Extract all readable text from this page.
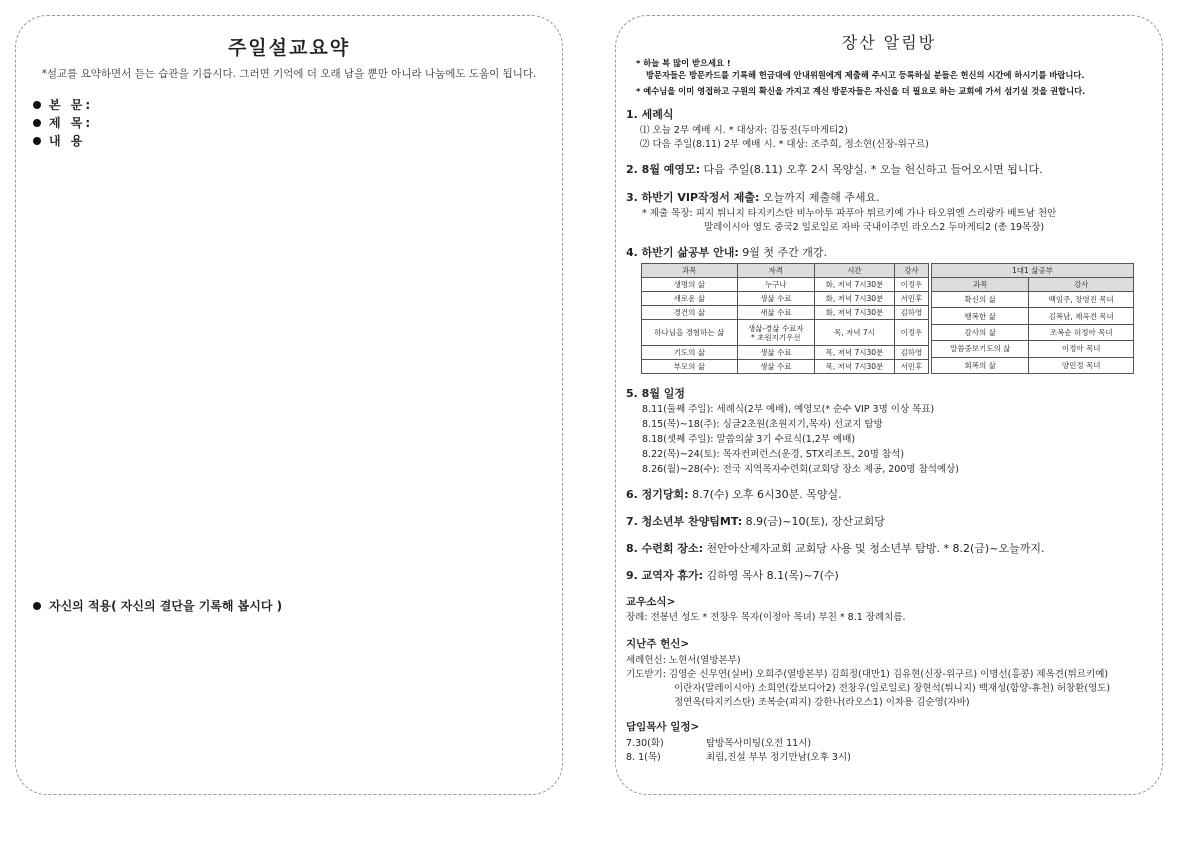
주일설교요약
*설교를 요약하면서 듣는 습관을 기릅시다. 그러면 기억에 더 오래 남을 뿐만 아니라 나눔에도 도움이 됩니다.
본 문:
제 목:
내 용
자신의 적용( 자신의 결단을 기록해 봅시다 )
장산 알림방
* 하늘 복 많이 받으세요 !
방문자들은 방문카드를 기록해 헌금대에 안내위원에게 제출해 주시고 등록하실 분들은 헌신의 시간에 하시기를 바랍니다.
* 예수님을 이미 영접하고 구원의 확신을 가지고 계신 방문자들은 자신을 더 필요로 하는 교회에 가서 섬기실 것을 권합니다.
1. 세례식
⑴ 오늘 2부 예배 시. * 대상자: 김동진(두마게티2)
⑵ 다음 주일(8.11) 2부 예배 시. * 대상: 조주희, 정소현(신장-위구르)
2. 8월 예영모: 다음 주일(8.11) 오후 2시 목양실. * 오늘 헌신하고 들어오시면 됩니다.
3. 하반기 VIP작정서 제출: 오늘까지 제출해 주세요.
* 제출 목장: 피지 튀니지 타지키스탄 비누아투 파푸아 튀르키예 가나 타오위엔 스리랑카 베트남 천안
말레이시아 영도 중국2 일로일로 자바 국내이주민 라오스2 두마게티2 (총 19목장)
4. 하반기 삶공부 안내: 9월 첫 주간 개강.
과목	자격	시간	강사
생명의 삶	누구나	화, 저녁 7시30분	이정우
새로운 삶	생삶 수료	화, 저녁 7시30분	서민후
경건의 삶	새삶 수료	화, 저녁 7시30분	김하영
하나님을 경험하는 삶	생삶-경삶 수료자
* 초원지기우선	목, 저녁 7시	이정우
기도의 삶	생삶 수료	목, 저녁 7시30분	김하영
부모의 삶	생삶 수료	목, 저녁 7시30분	서민후
1대1 삶공부	
과목	강사
확신의 삶	백임주, 장영진 목녀
행복한 삶	김복남, 제옥견 목녀
감사의 삶	조복순 허정아 목녀
말씀중보기도의 삶	이정아 목녀
회복의 삶	양민정 목녀
5. 8월 일정
8.11(둘째 주일): 세례식(2부 예배), 예영모(* 순수 VIP 3명 이상 목표)
8.15(목)~18(주): 싱글2초원(초원지기,목자) 선교지 탐방
8.18(셋째 주일): 말씀의삶 3기 수료식(1,2부 예배)
8.22(목)~24(토): 목자컨퍼런스(운경, STX리조트, 20명 참석)
8.26(월)~28(수): 전국 지역목자수련회(교회당 장소 제공, 200명 참석예상)
6. 정기당회: 8.7(수) 오후 6시30분. 목양실.
7. 청소년부 찬양팀MT: 8.9(금)~10(토), 장산교회당
8. 수련회 장소: 천안아산제자교회 교회당 사용 및 청소년부 탐방. * 8.2(금)~오늘까지.
9. 교역자 휴가: 김하영 목사 8.1(목)~7(수)
교우소식>
장례: 전봉년 성도 * 전창우 목자(이정아 목녀) 부친 * 8.1 장례치름.
지난주 헌신>
세례헌신: 노현서(열방본부)
기도받기: 김영순 신무연(실버) 오희주(열방본부) 김희정(대만1) 김유현(신장-위구르) 이명선(홍콩) 제옥견(튀르키예)
이란자(말레이시아) 소희연(캄보디아2) 전창우(일로일로) 장현석(튀니지) 백재성(함양-휴천) 허창환(영도)
정연옥(타지키스탄) 조복순(피지) 강한나(라오스1) 이차용 김순영(자바)
담임목사 일정>
7.30(화)	탐방목사미팅(오전 11시)
8. 1(목)	최림,진설 부부 정기만남(오후 3시)
